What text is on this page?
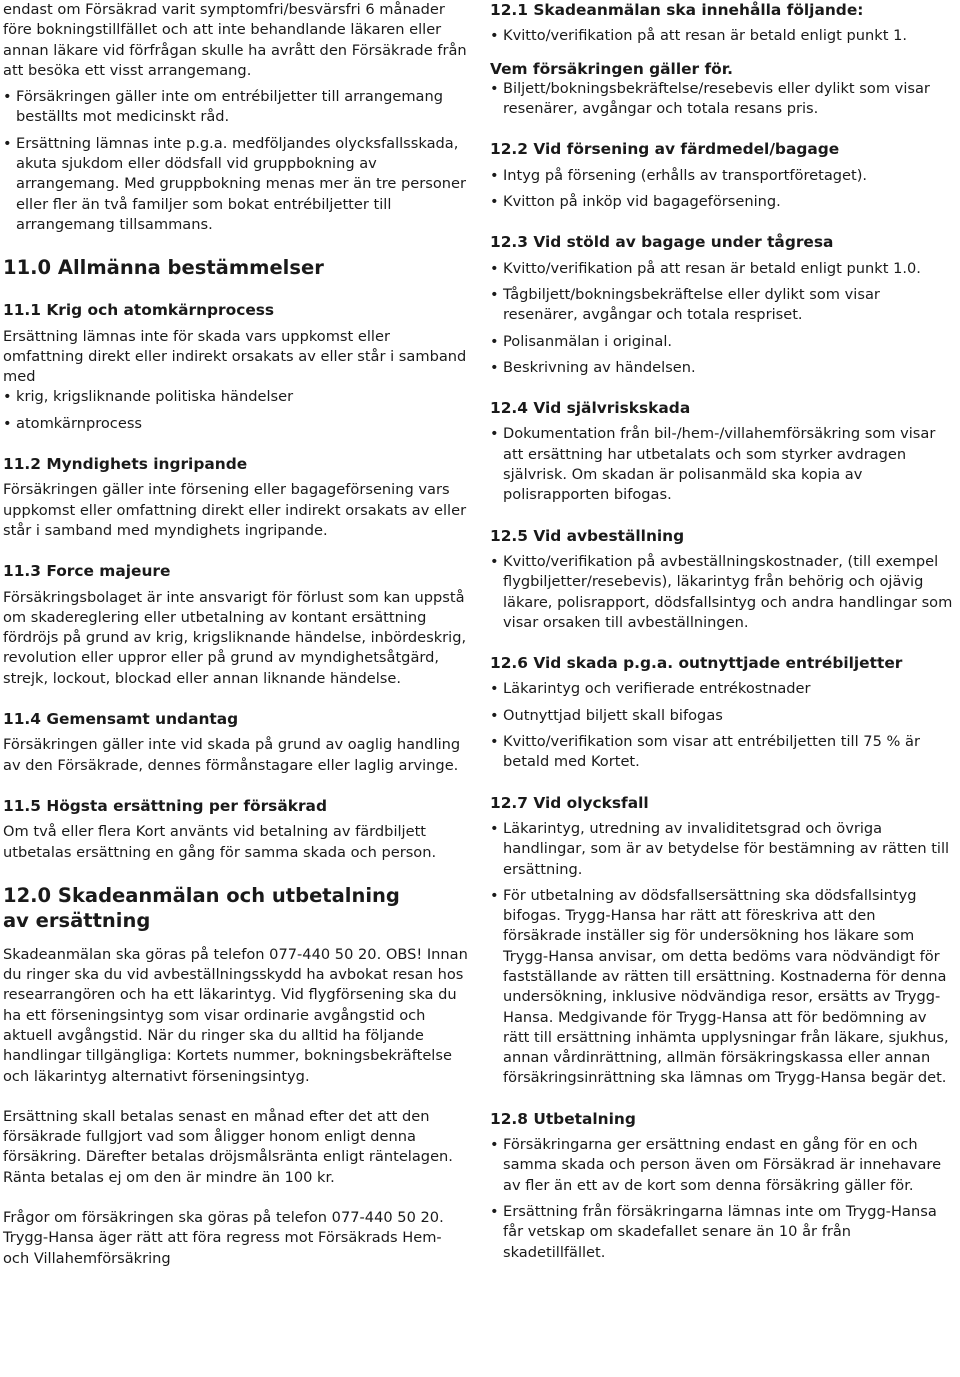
endast om Försäkrad varit symptomfri/besvärsfri 6 månader före bokningstillfället och att inte behandlande läkaren eller annan läkare vid förfrågan skulle ha avrått den Försäkrade från att besöka ett visst arrangemang.

• Försäkringen gäller inte om entrébiljetter till arrangemang beställts mot medicinskt råd.
• Ersättning lämnas inte p.g.a. medföljandes olycksfallsskada, akuta sjukdom eller dödsfall vid gruppbokning av arrangemang. Med gruppbokning menas mer än tre personer eller fler än två familjer som bokat entrébiljetter till arrangemang tillsammans.
11.0 Allmänna bestämmelser
11.1 Krig och atomkärnprocess

Ersättning lämnas inte för skada vars uppkomst eller omfattning direkt eller indirekt orsakats av eller står i samband med

• krig, krigsliknande politiska händelser
• atomkärnprocess
11.2 Myndighets ingripande

Försäkringen gäller inte försening eller bagageförsening vars uppkomst eller omfattning direkt eller indirekt orsakats av eller står i samband med myndighets ingripande.

11.3 Force majeure

Försäkringsbolaget är inte ansvarigt för förlust som kan uppstå om skadereglering eller utbetalning av kontant ersättning fördröjs på grund av krig, krigsliknande händelse, inbördeskrig, revolution eller uppror eller på grund av myndighetsåtgärd, strejk, lockout, blockad eller annan liknande händelse.

11.4 Gemensamt undantag

Försäkringen gäller inte vid skada på grund av oaglig handling av den Försäkrade, dennes förmånstagare eller laglig arvinge.

11.5 Högsta ersättning per försäkrad

Om två eller flera Kort använts vid betalning av färdbiljett utbetalas ersättning en gång för samma skada och person.

12.0 Skadeanmälan och utbetalning av ersättning

Skadeanmälan ska göras på telefon 077-440 50 20. OBS! Innan du ringer ska du vid avbeställningsskydd ha avbokat resan hos researrangören och ha ett läkarintyg. Vid flygförsening ska du ha ett förseningsintyg som visar ordinarie avgångstid och aktuell avgångstid. När du ringer ska du alltid ha följande handlingar tillgängliga: Kortets nummer, bokningsbekräftelse och läkarintyg alternativt förseningsintyg.

Ersättning skall betalas senast en månad efter det att den försäkrade fullgjort vad som åligger honom enligt denna försäkring. Därefter betalas dröjsmålsränta enligt räntelagen. Ränta betalas ej om den är mindre än 100 kr.

Frågor om försäkringen ska göras på telefon 077-440 50 20. Trygg-Hansa äger rätt att föra regress mot Försäkrads Hem- och Villahemförsäkring

12.1 Skadeanmälan ska innehålla följande:
• Kvitto/verifikation på att resan är betald enligt punkt 1.
Vem försäkringen gäller för.
• Biljett/bokningsbekräftelse/resebevis eller dylikt som visar resenärer, avgångar och totala resans pris.
12.2 Vid försening av färdmedel/bagage
• Intyg på försening (erhålls av transportföretaget).
• Kvitton på inköp vid bagageförsening.
12.3 Vid stöld av bagage under tågresa
• Kvitto/verifikation på att resan är betald enligt punkt 1.0.
• Tågbiljett/bokningsbekräftelse eller dylikt som visar resenärer, avgångar och totala respriset.
• Polisanmälan i original.
• Beskrivning av händelsen.
12.4 Vid självriskskada
• Dokumentation från bil-/hem-/villahemförsäkring som visar att ersättning har utbetalats och som styrker avdragen självrisk. Om skadan är polisanmäld ska kopia av polisrapporten bifogas.
12.5 Vid avbeställning
• Kvitto/verifikation på avbeställningskostnader, (till exempel flygbiljetter/resebevis), läkarintyg från behörig och ojävig läkare, polisrapport, dödsfallsintyg och andra handlingar som visar orsaken till avbeställningen.
12.6 Vid skada p.g.a. outnyttjade entrébiljetter
• Läkarintyg och verifierade entrékostnader
• Outnyttjad biljett skall bifogas
• Kvitto/verifikation som visar att entrébiljetten till 75 % är betald med Kortet.
12.7 Vid olycksfall
• Läkarintyg, utredning av invaliditetsgrad och övriga handlingar, som är av betydelse för bestämning av rätten till ersättning.
• För utbetalning av dödsfallsersättning ska dödsfallsintyg bifogas. Trygg-Hansa har rätt att föreskriva att den försäkrade inställer sig för undersökning hos läkare som Trygg-Hansa anvisar, om detta bedöms vara nödvändigt för fastställande av rätten till ersättning. Kostnaderna för denna undersökning, inklusive nödvändiga resor, ersätts av Trygg-Hansa. Medgivande för Trygg-Hansa att för bedömning av rätt till ersättning inhämta upplysningar från läkare, sjukhus, annan vårdinrättning, allmän försäkringskassa eller annan försäkringsinrättning ska lämnas om Trygg-Hansa begär det.
12.8 Utbetalning
• Försäkringarna ger ersättning endast en gång för en och samma skada och person även om Försäkrad är innehavare av fler än ett av de kort som denna försäkring gäller för.
• Ersättning från försäkringarna lämnas inte om Trygg-Hansa får vetskap om skadefallet senare än 10 år från skadetillfället.
